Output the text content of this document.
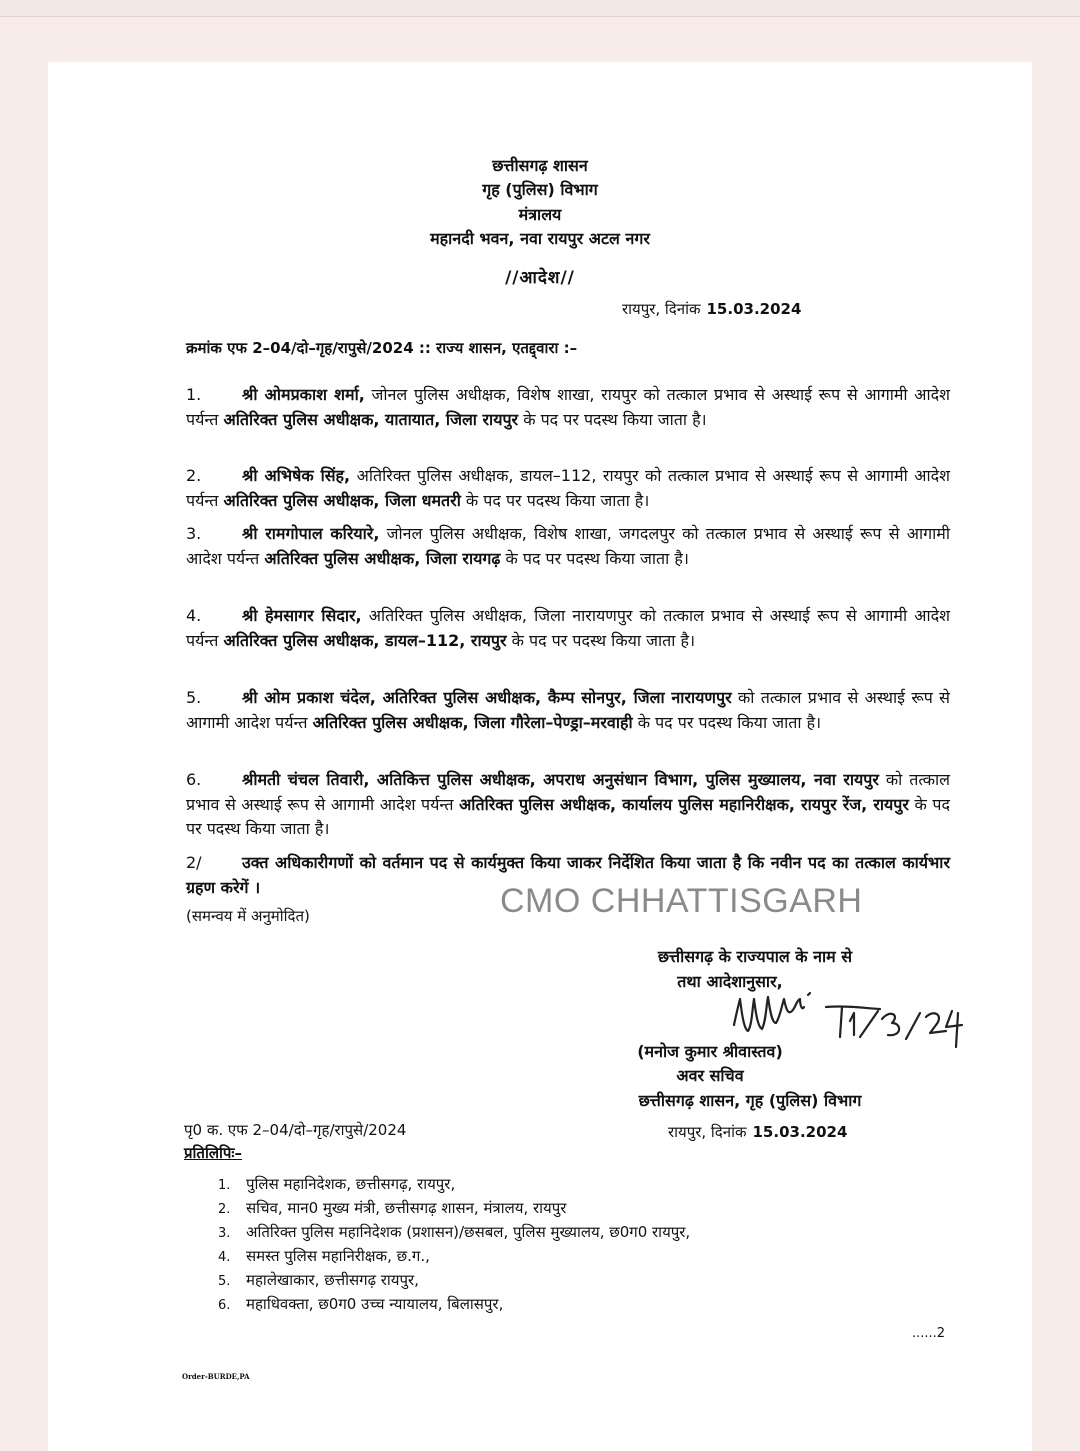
छत्तीसगढ़ शासन
गृह (पुलिस) विभाग
मंत्रालय
महानदी भवन, नवा रायपुर अटल नगर
//आदेश//
रायपुर, दिनांक 15.03.2024
क्रमांक एफ 2–04/दो–गृह/रापुसे/2024 :: राज्य शासन, एतद्द्वारा :–
1.	श्री ओमप्रकाश शर्मा, जोनल पुलिस अधीक्षक, विशेष शाखा, रायपुर को तत्काल प्रभाव से अस्थाई रूप से आगामी आदेश पर्यन्त अतिरिक्त पुलिस अधीक्षक, यातायात, जिला रायपुर के पद पर पदस्थ किया जाता है।
2.	श्री अभिषेक सिंह, अतिरिक्त पुलिस अधीक्षक, डायल–112, रायपुर को तत्काल प्रभाव से अस्थाई रूप से आगामी आदेश पर्यन्त अतिरिक्त पुलिस अधीक्षक, जिला धमतरी के पद पर पदस्थ किया जाता है।
3.	श्री रामगोपाल करियारे, जोनल पुलिस अधीक्षक, विशेष शाखा, जगदलपुर को तत्काल प्रभाव से अस्थाई रूप से आगामी आदेश पर्यन्त अतिरिक्त पुलिस अधीक्षक, जिला रायगढ़ के पद पर पदस्थ किया जाता है।
4.	श्री हेमसागर सिदार, अतिरिक्त पुलिस अधीक्षक, जिला नारायणपुर को तत्काल प्रभाव से अस्थाई रूप से आगामी आदेश पर्यन्त अतिरिक्त पुलिस अधीक्षक, डायल–112, रायपुर के पद पर पदस्थ किया जाता है।
5.	श्री ओम प्रकाश चंदेल, अतिरिक्त पुलिस अधीक्षक, कैम्प सोनपुर, जिला नारायणपुर को तत्काल प्रभाव से अस्थाई रूप से आगामी आदेश पर्यन्त अतिरिक्त पुलिस अधीक्षक, जिला गौरेला–पेण्ड्रा–मरवाही के पद पर पदस्थ किया जाता है।
6.	श्रीमती चंचल तिवारी, अतिकित्त पुलिस अधीक्षक, अपराध अनुसंधान विभाग, पुलिस मुख्यालय, नवा रायपुर को तत्काल प्रभाव से अस्थाई रूप से आगामी आदेश पर्यन्त अतिरिक्त पुलिस अधीक्षक, कार्यालय पुलिस महानिरीक्षक, रायपुर रेंज, रायपुर के पद पर पदस्थ किया जाता है।
2/	उक्त अधिकारीगणों को वर्तमान पद से कार्यमुक्त किया जाकर निर्देशित किया जाता है कि नवीन पद का तत्काल कार्यभार ग्रहण करेगें ।
(समन्वय में अनुमोदित)	CMO CHHATTISGARH
छत्तीसगढ़ के राज्यपाल के नाम से
तथा आदेशानुसार,
15/3/24
(मनोज कुमार श्रीवास्तव)
अवर सचिव
छत्तीसगढ़ शासन, गृह (पुलिस) विभाग
पृ0 क. एफ 2–04/दो–गृह/रापुसे/2024	रायपुर, दिनांक 15.03.2024
प्रतिलिपिः–
1. पुलिस महानिदेशक, छत्तीसगढ़, रायपुर,
2. सचिव, मान0 मुख्य मंत्री, छत्तीसगढ़ शासन, मंत्रालय, रायपुर
3. अतिरिक्त पुलिस महानिदेशक (प्रशासन)/छसबल, पुलिस मुख्यालय, छ0ग0 रायपुर,
4. समस्त पुलिस महानिरीक्षक, छ.ग.,
5. महालेखाकार, छत्तीसगढ़ रायपुर,
6. महाधिवक्ता, छ0ग0 उच्च न्यायालय, बिलासपुर,
......2
Order-BURDE,PA
